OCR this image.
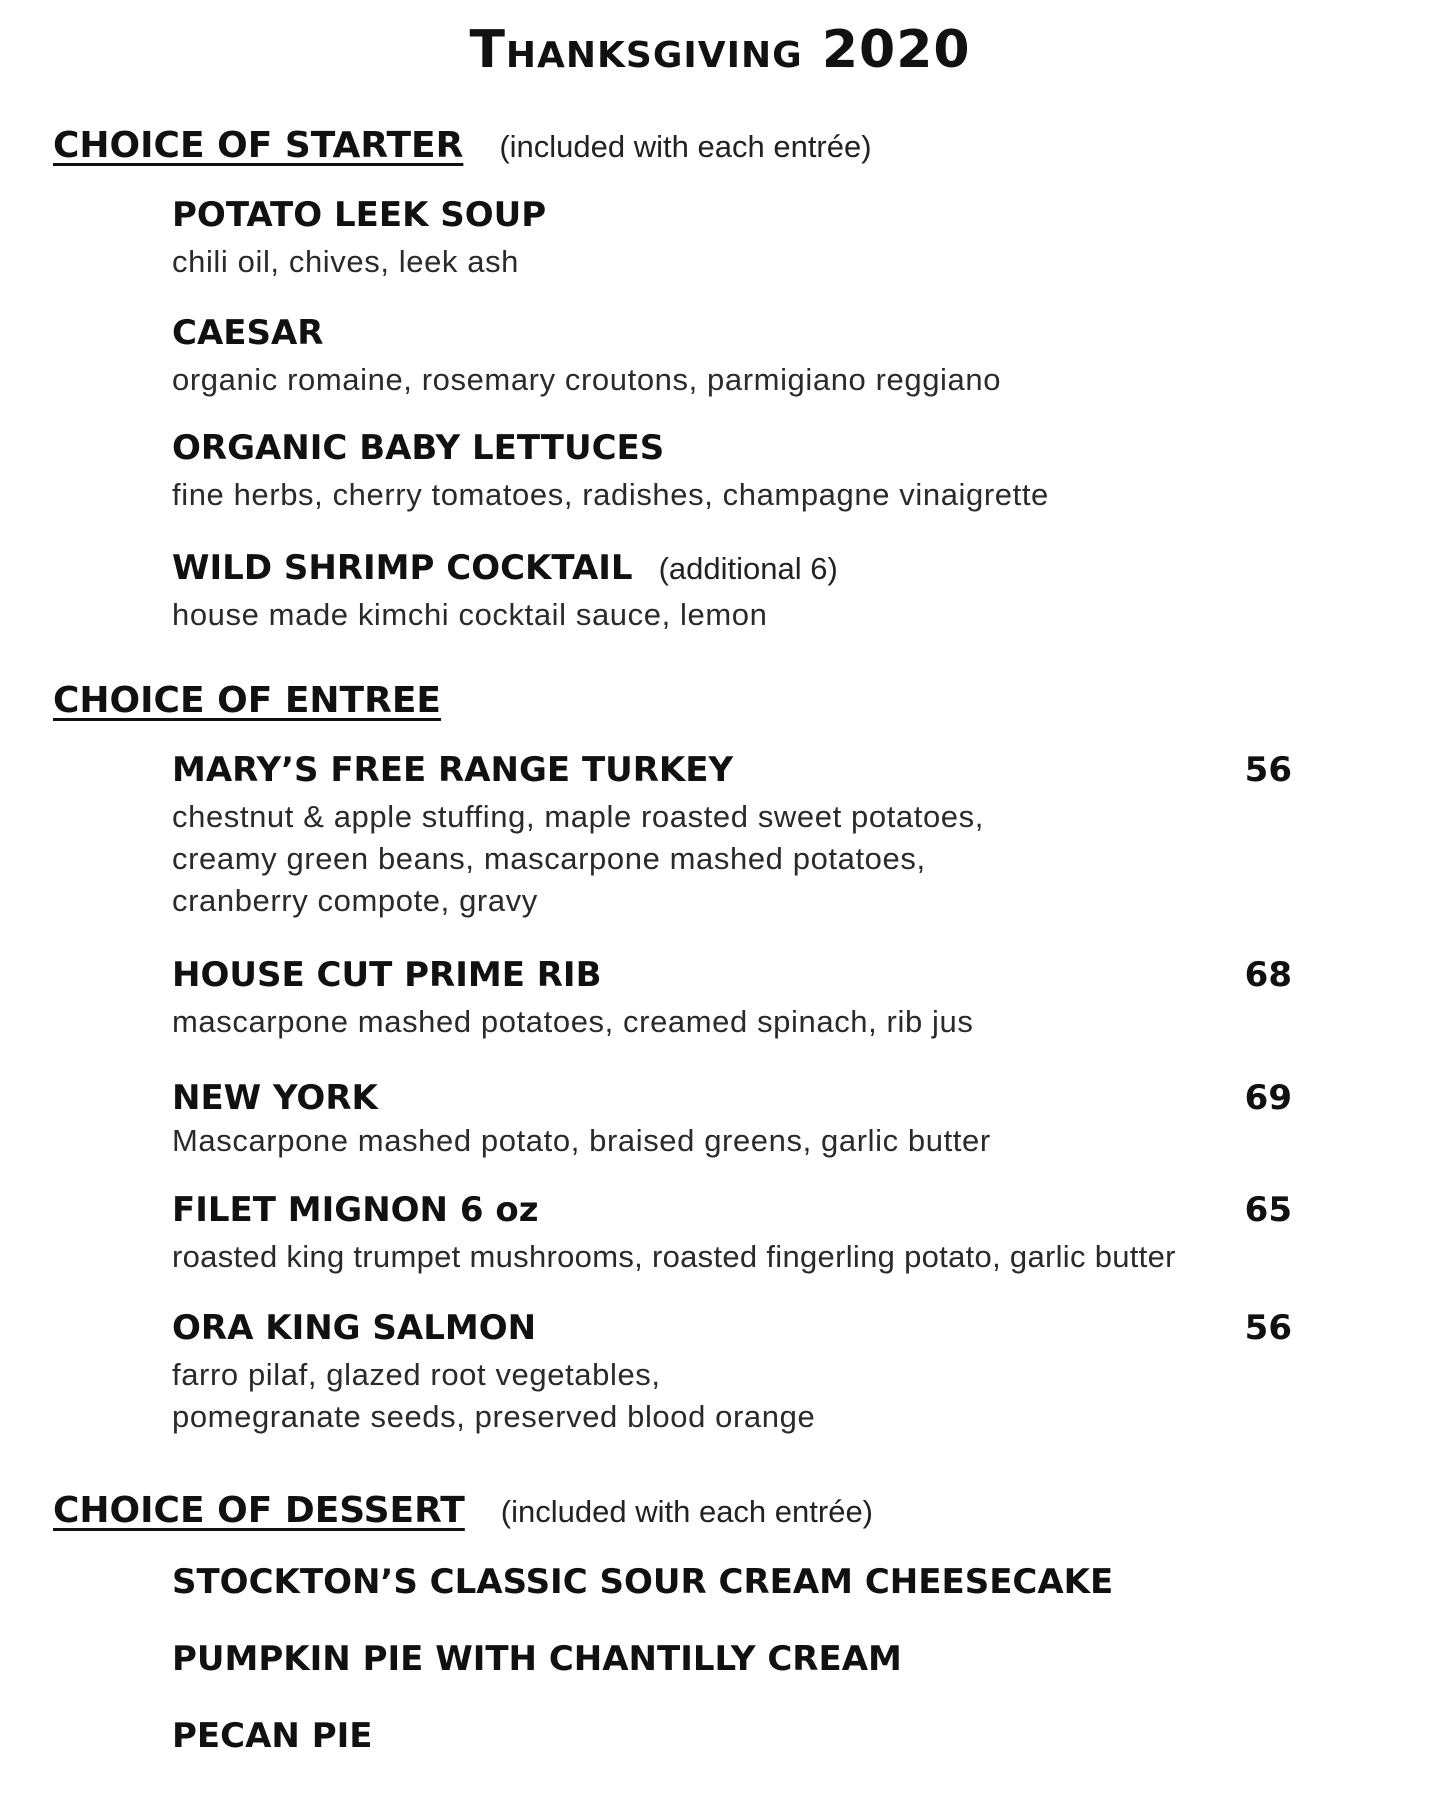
Thanksgiving 2020
CHOICE OF STARTER (included with each entrée)
POTATO LEEK SOUP
chili oil, chives, leek ash
CAESAR
organic romaine, rosemary croutons, parmigiano reggiano
ORGANIC BABY LETTUCES
fine herbs, cherry tomatoes, radishes, champagne vinaigrette
WILD SHRIMP COCKTAIL (additional 6)
house made kimchi cocktail sauce, lemon
CHOICE OF ENTREE
MARY’S FREE RANGE TURKEY	56
chestnut & apple stuffing, maple roasted sweet potatoes,
creamy green beans, mascarpone mashed potatoes,
cranberry compote, gravy
HOUSE CUT PRIME RIB	68
mascarpone mashed potatoes, creamed spinach, rib jus
NEW YORK	69
Mascarpone mashed potato, braised greens, garlic butter
FILET MIGNON 6 oz	65
roasted king trumpet mushrooms, roasted fingerling potato, garlic butter
ORA KING SALMON	56
farro pilaf, glazed root vegetables,
pomegranate seeds, preserved blood orange
CHOICE OF DESSERT (included with each entrée)
STOCKTON’S CLASSIC SOUR CREAM CHEESECAKE
PUMPKIN PIE WITH CHANTILLY CREAM
PECAN PIE
